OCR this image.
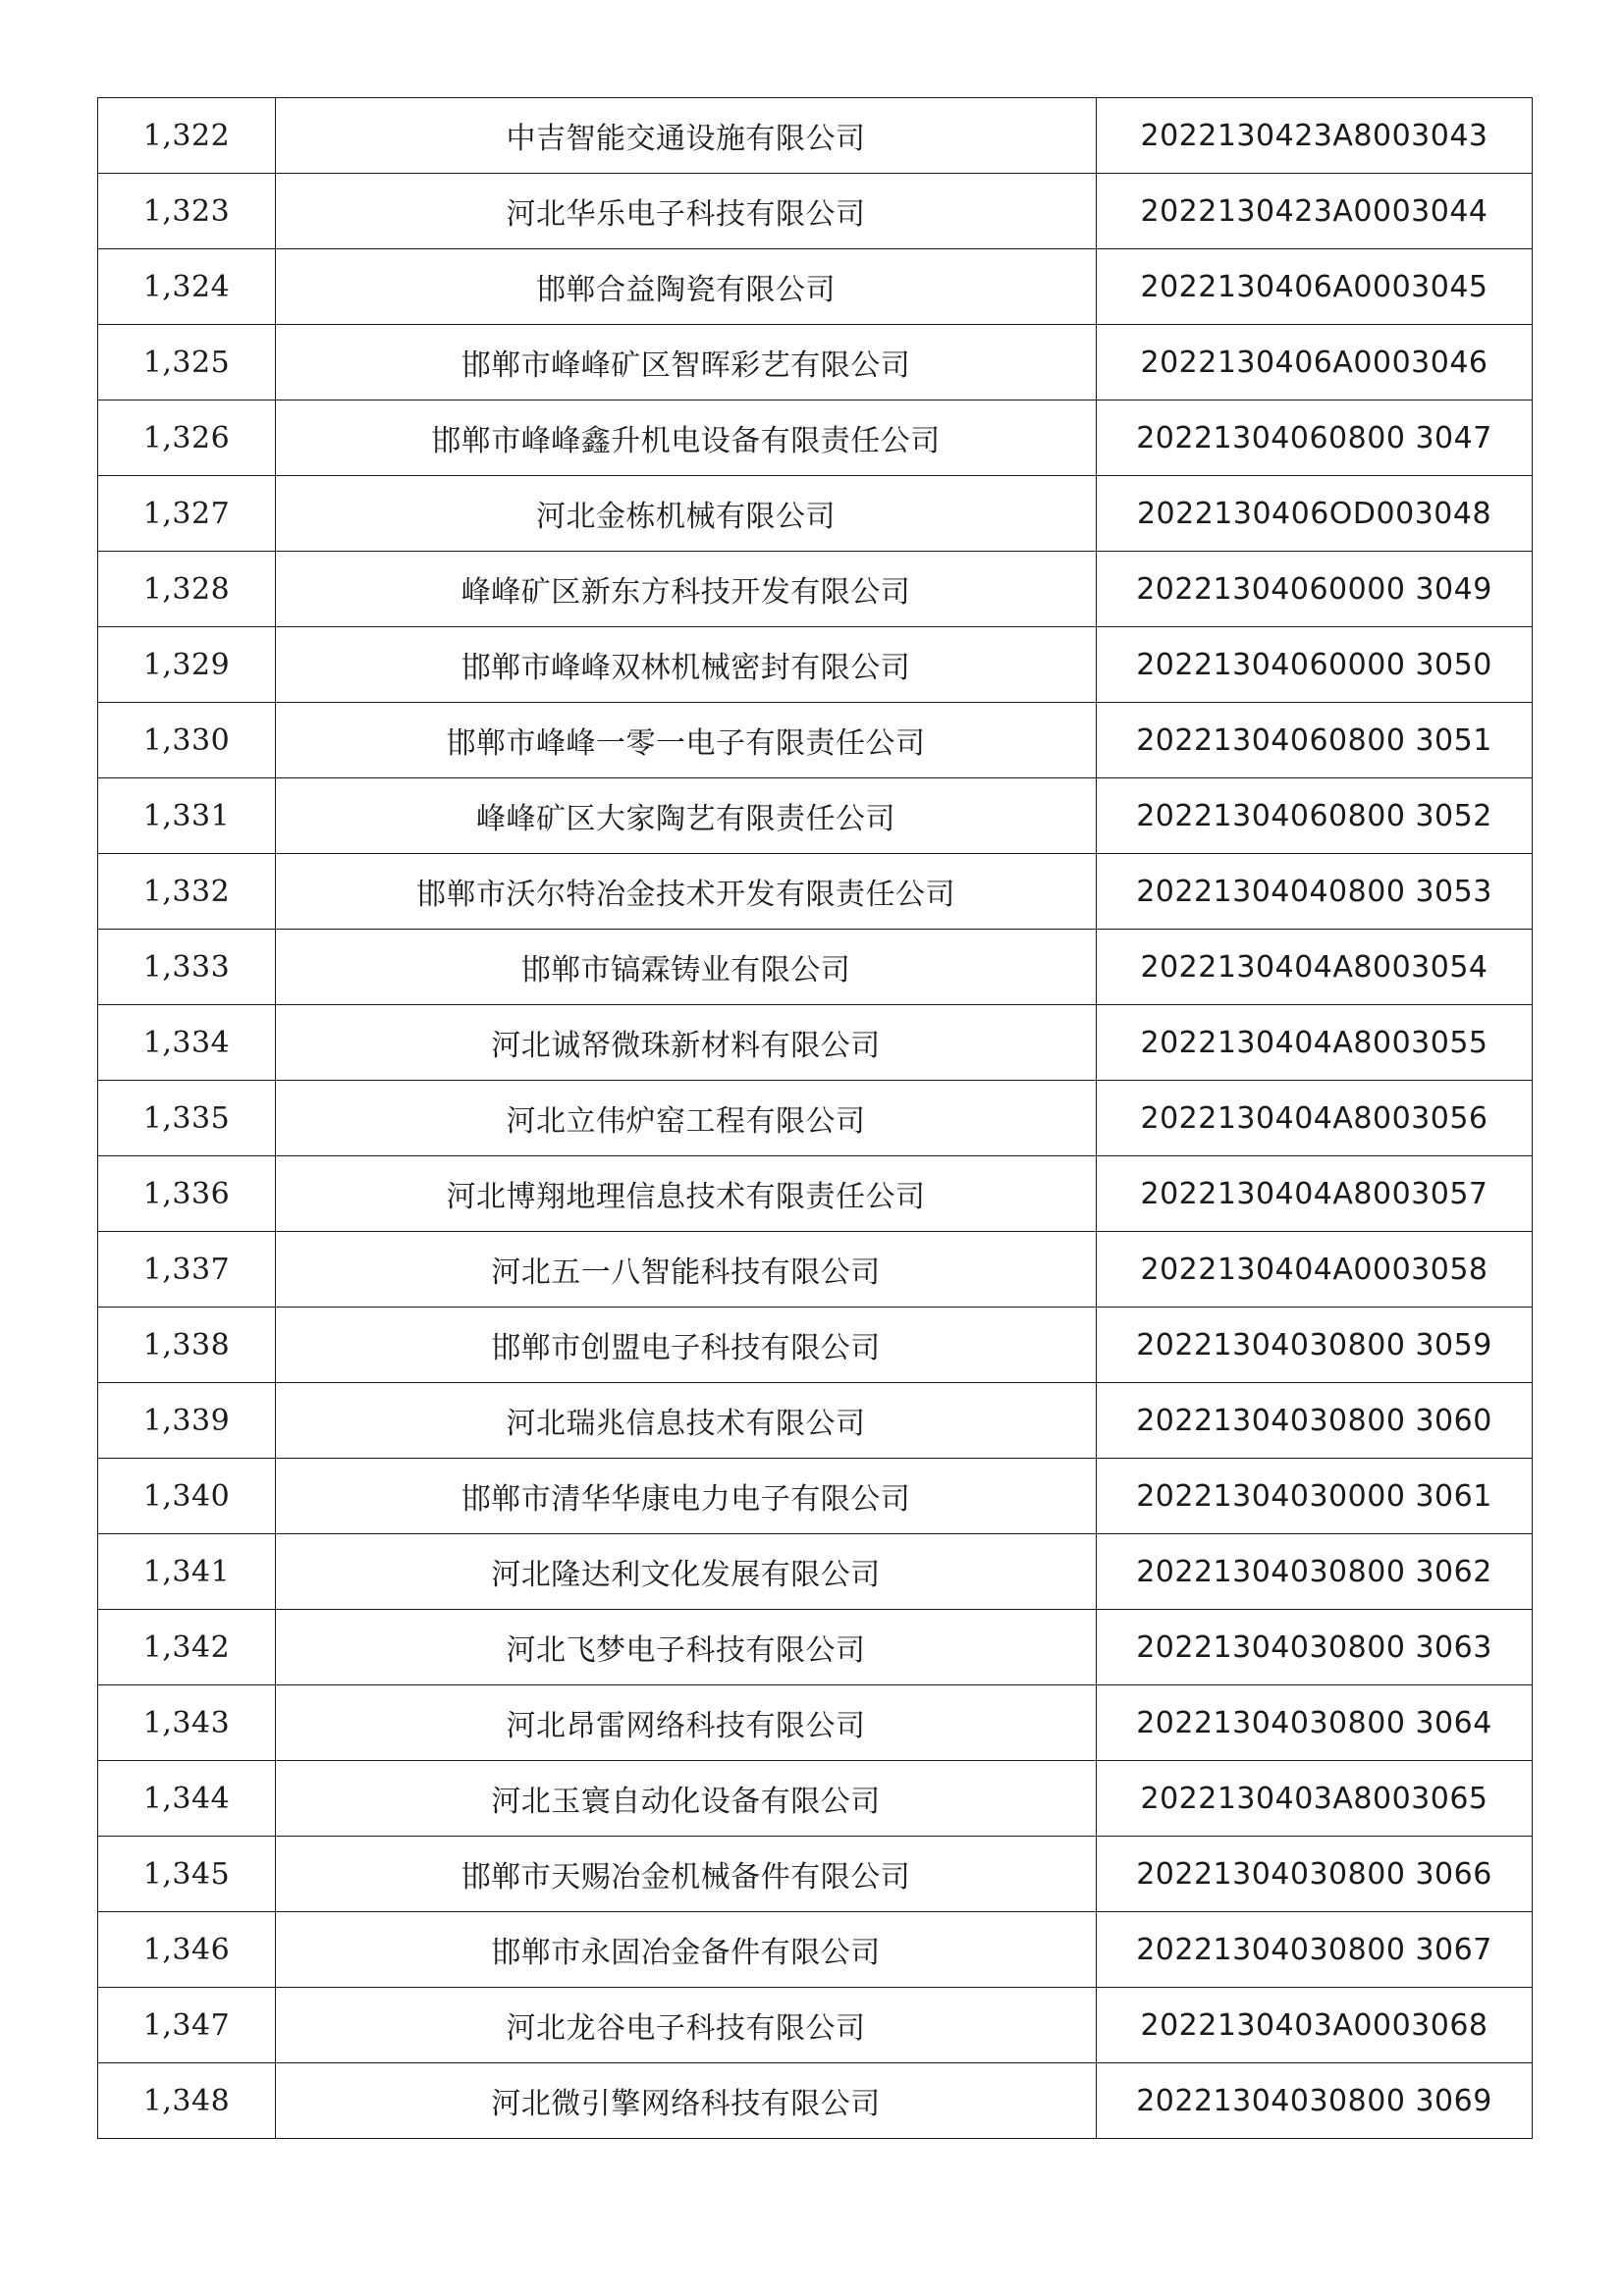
1,322	中吉智能交通设施有限公司	2022130423A8003043
1,323	河北华乐电子科技有限公司	2022130423A0003044
1,324	邯郸合益陶瓷有限公司	2022130406A0003045
1,325	邯郸市峰峰矿区智晖彩艺有限公司	2022130406A0003046
1,326	邯郸市峰峰鑫升机电设备有限责任公司	20221304060800 3047
1,327	河北金栋机械有限公司	2022130406OD003048
1,328	峰峰矿区新东方科技开发有限公司	20221304060000 3049
1,329	邯郸市峰峰双林机械密封有限公司	20221304060000 3050
1,330	邯郸市峰峰一零一电子有限责任公司	20221304060800 3051
1,331	峰峰矿区大家陶艺有限责任公司	20221304060800 3052
1,332	邯郸市沃尔特冶金技术开发有限责任公司	20221304040800 3053
1,333	邯郸市镐霖铸业有限公司	2022130404A8003054
1,334	河北诚帑微珠新材料有限公司	2022130404A8003055
1,335	河北立伟炉窑工程有限公司	2022130404A8003056
1,336	河北博翔地理信息技术有限责任公司	2022130404A8003057
1,337	河北五一八智能科技有限公司	2022130404A0003058
1,338	邯郸市创盟电子科技有限公司	20221304030800 3059
1,339	河北瑞兆信息技术有限公司	20221304030800 3060
1,340	邯郸市清华华康电力电子有限公司	20221304030000 3061
1,341	河北隆达利文化发展有限公司	20221304030800 3062
1,342	河北飞梦电子科技有限公司	20221304030800 3063
1,343	河北昂雷网络科技有限公司	20221304030800 3064
1,344	河北玉寰自动化设备有限公司	2022130403A8003065
1,345	邯郸市天赐冶金机械备件有限公司	20221304030800 3066
1,346	邯郸市永固冶金备件有限公司	20221304030800 3067
1,347	河北龙谷电子科技有限公司	2022130403A0003068
1,348	河北微引擎网络科技有限公司	20221304030800 3069
